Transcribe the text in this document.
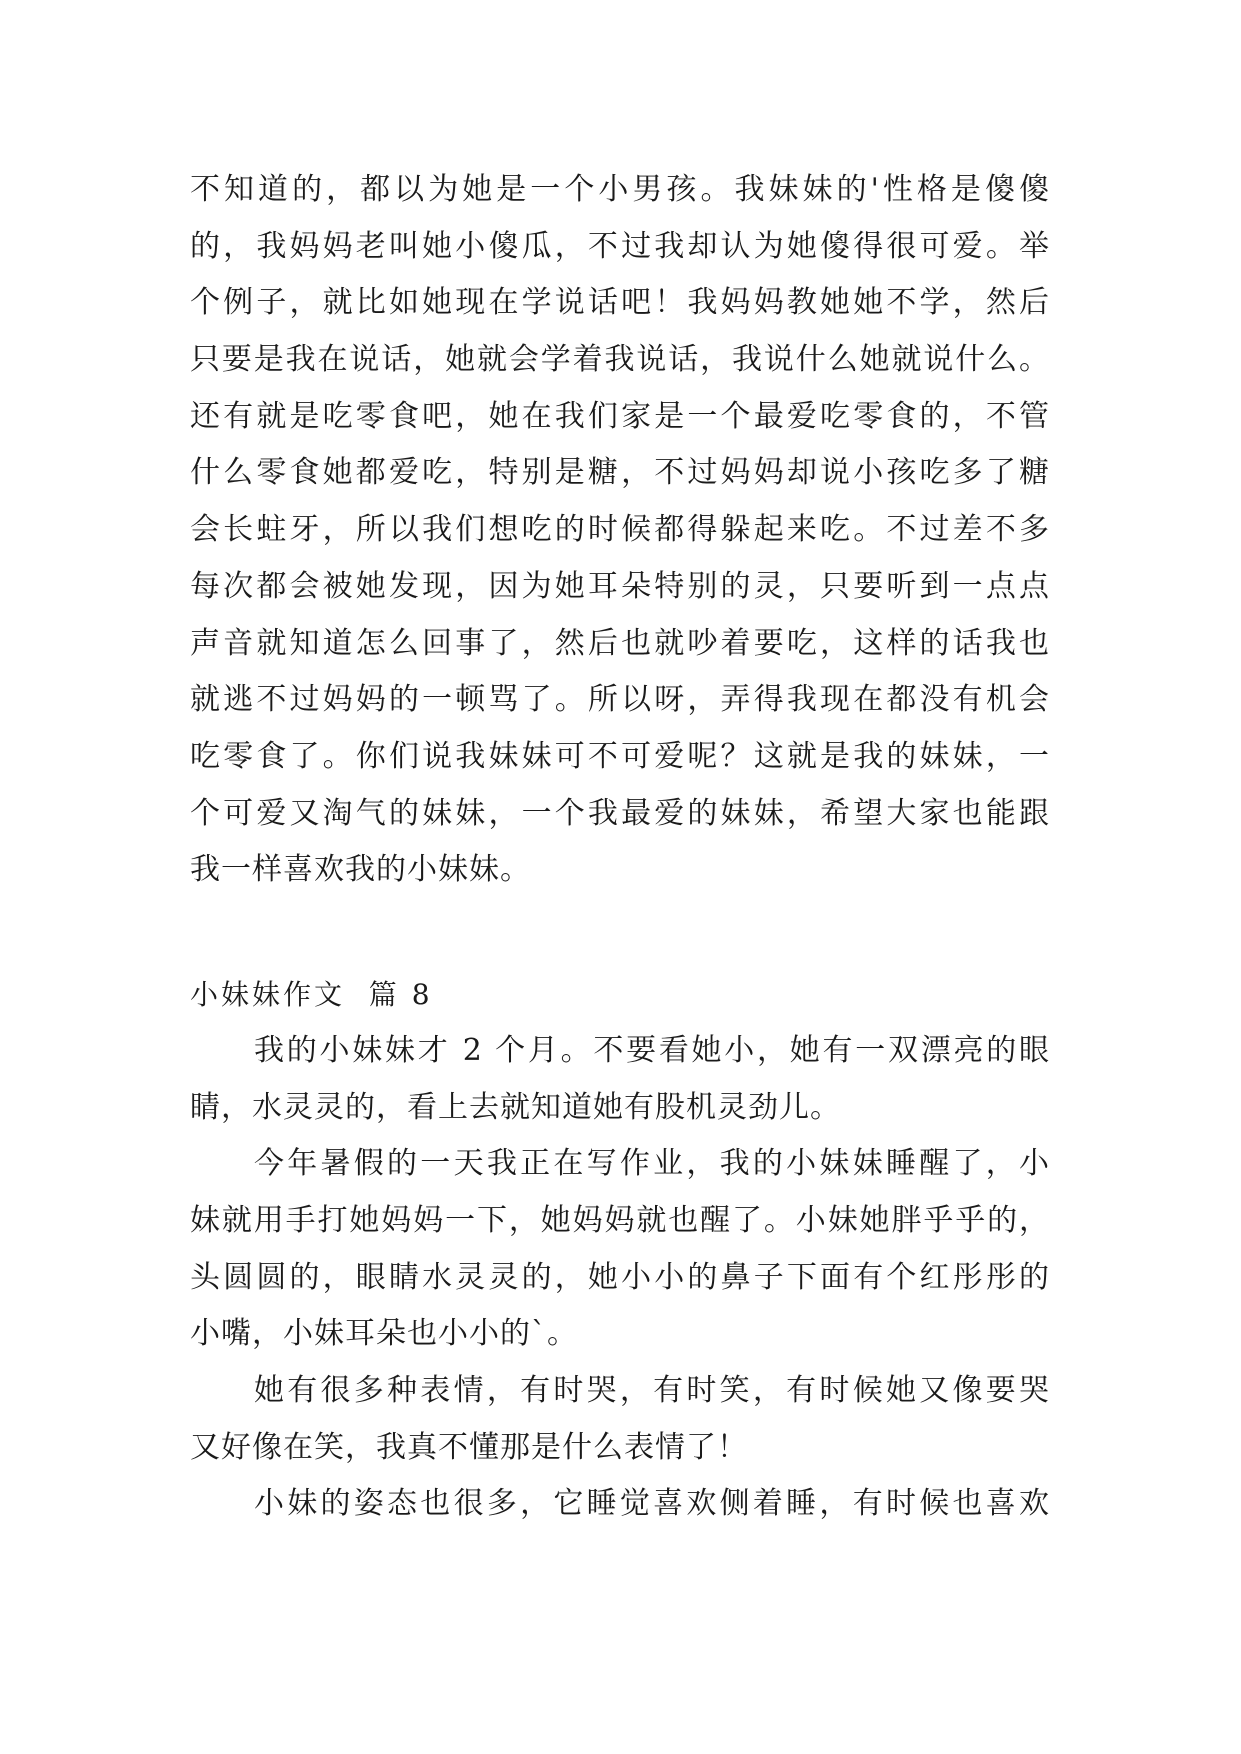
不知道的，都以为她是一个小男孩。我妹妹的'性格是傻傻
的，我妈妈老叫她小傻瓜，不过我却认为她傻得很可爱。举
个例子，就比如她现在学说话吧！我妈妈教她她不学，然后
只要是我在说话，她就会学着我说话，我说什么她就说什么。
还有就是吃零食吧，她在我们家是一个最爱吃零食的，不管
什么零食她都爱吃，特别是糖，不过妈妈却说小孩吃多了糖
会长蛀牙，所以我们想吃的时候都得躲起来吃。不过差不多
每次都会被她发现，因为她耳朵特别的灵，只要听到一点点
声音就知道怎么回事了，然后也就吵着要吃，这样的话我也
就逃不过妈妈的一顿骂了。所以呀，弄得我现在都没有机会
吃零食了。你们说我妹妹可不可爱呢？这就是我的妹妹，一
个可爱又淘气的妹妹，一个我最爱的妹妹，希望大家也能跟
我一样喜欢我的小妹妹。
小妹妹作文  篇 8
我的小妹妹才 2 个月。不要看她小，她有一双漂亮的眼
睛，水灵灵的，看上去就知道她有股机灵劲儿。
今年暑假的一天我正在写作业，我的小妹妹睡醒了，小
妹就用手打她妈妈一下，她妈妈就也醒了。小妹她胖乎乎的，
头圆圆的，眼睛水灵灵的，她小小的鼻子下面有个红彤彤的
小嘴，小妹耳朵也小小的`。
她有很多种表情，有时哭，有时笑，有时候她又像要哭
又好像在笑，我真不懂那是什么表情了！
小妹的姿态也很多，它睡觉喜欢侧着睡，有时候也喜欢
